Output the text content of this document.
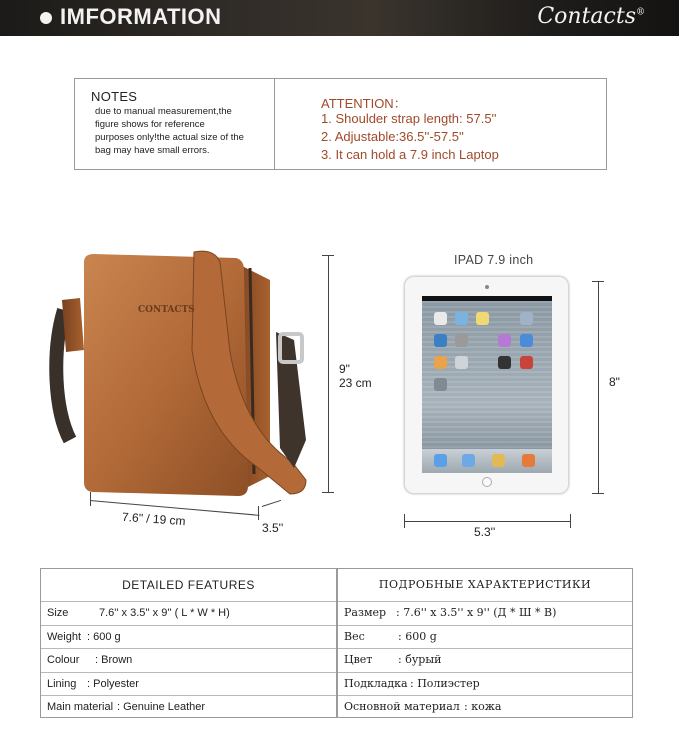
IMFORMATION	Contacts®
NOTES
due to manual measurement,the
figure shows for reference
purposes only!the actual size of the
bag may have small errors.
ATTENTION：
1. Shoulder strap length: 57.5''
2. Adjustable:36.5''-57.5''
3. It can hold a 7.9 inch Laptop
CONTACTS
9"
23 cm
7.6" / 19 cm	3.5''
IPAD 7.9 inch
8"
5.3''
DETAILED FEATURES
Size	7.6'' x 3.5'' x 9'' ( L * W * H)
Weight : 600 g
Colour : Brown
Lining : Polyester
Main material : Genuine Leather
ПОДРОБНЫЕ ХАРАКТЕРИСТИКИ
Размер : 7.6'' x 3.5'' x 9'' (Д * Ш * В)
Вес	: 600 g
Цвет : бурый
Подкладка : Полиэстер
Основной материал : кожа
